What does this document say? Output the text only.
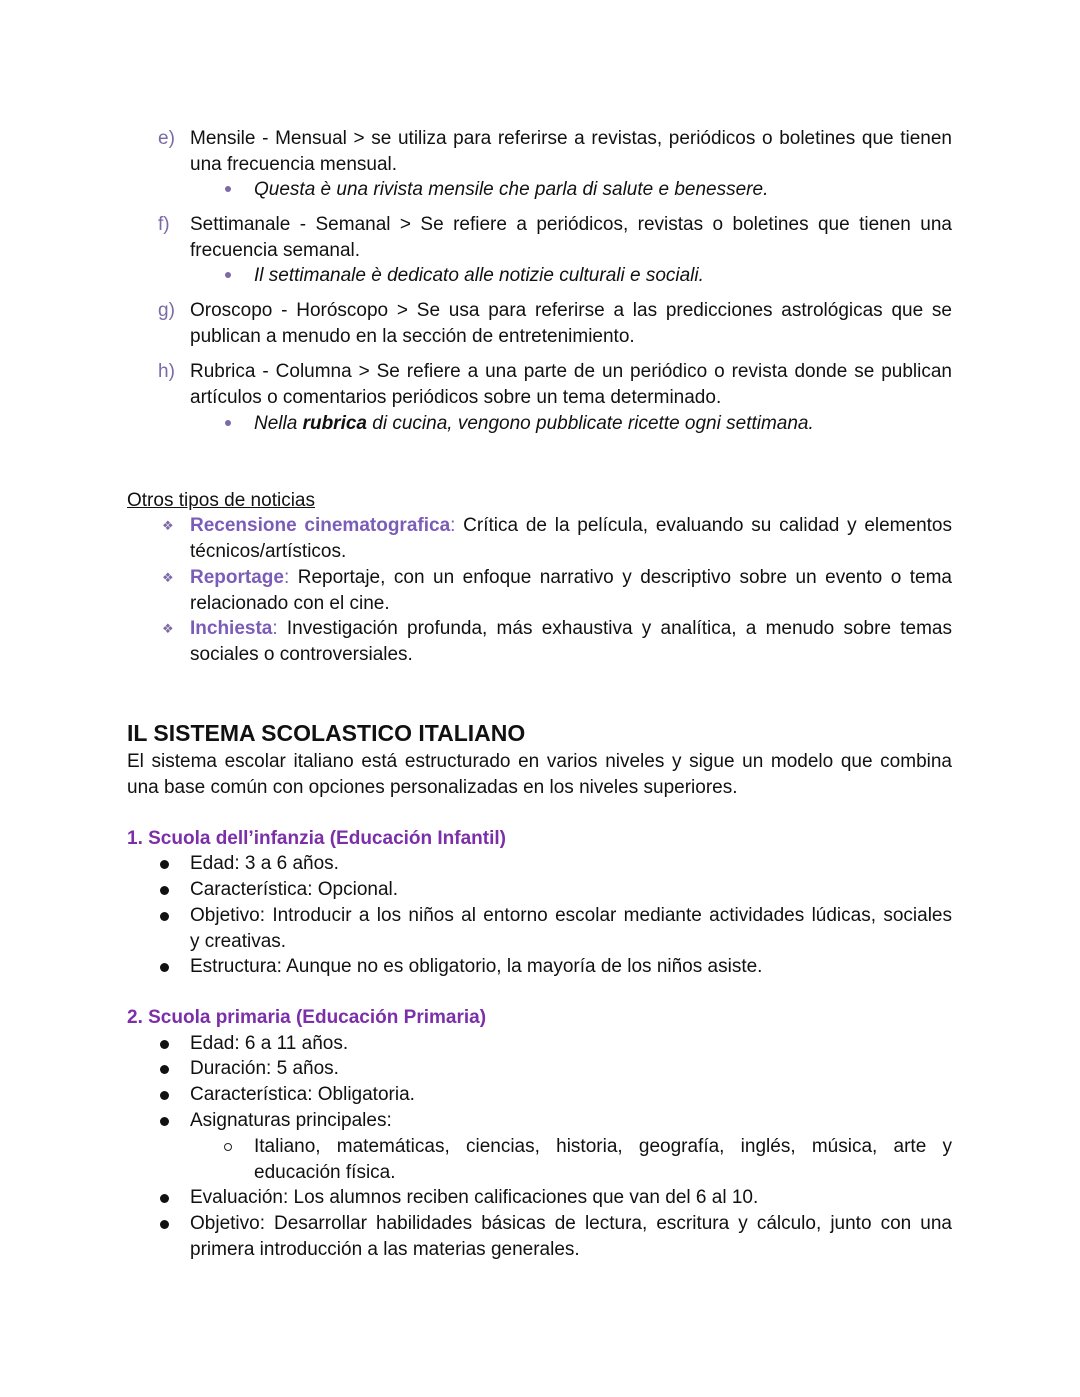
e) Mensile - Mensual > se utiliza para referirse a revistas, periódicos o boletines que tienen
una frecuencia mensual.
Questa è una rivista mensile che parla di salute e benessere.
f) Settimanale - Semanal > Se refiere a periódicos, revistas o boletines que tienen una
frecuencia semanal.
Il settimanale è dedicato alle notizie culturali e sociali.
g) Oroscopo - Horóscopo > Se usa para referirse a las predicciones astrológicas que se
publican a menudo en la sección de entretenimiento.
h) Rubrica - Columna > Se refiere a una parte de un periódico o revista donde se publican
artículos o comentarios periódicos sobre un tema determinado.
Nella rubrica di cucina, vengono pubblicate ricette ogni settimana.
Otros tipos de noticias
❖ Recensione cinematografica: Crítica de la película, evaluando su calidad y elementos
técnicos/artísticos.
❖ Reportage: Reportaje, con un enfoque narrativo y descriptivo sobre un evento o tema
relacionado con el cine.
❖ Inchiesta: Investigación profunda, más exhaustiva y analítica, a menudo sobre temas
sociales o controversiales.
IL SISTEMA SCOLASTICO ITALIANO
El sistema escolar italiano está estructurado en varios niveles y sigue un modelo que combina
una base común con opciones personalizadas en los niveles superiores.
1. Scuola dell’infanzia (Educación Infantil)
Edad: 3 a 6 años.
Característica: Opcional.
Objetivo: Introducir a los niños al entorno escolar mediante actividades lúdicas, sociales
y creativas.
Estructura: Aunque no es obligatorio, la mayoría de los niños asiste.
2. Scuola primaria (Educación Primaria)
Edad: 6 a 11 años.
Duración: 5 años.
Característica: Obligatoria.
Asignaturas principales:
Italiano, matemáticas, ciencias, historia, geografía, inglés, música, arte y
educación física.
Evaluación: Los alumnos reciben calificaciones que van del 6 al 10.
Objetivo: Desarrollar habilidades básicas de lectura, escritura y cálculo, junto con una
primera introducción a las materias generales.
